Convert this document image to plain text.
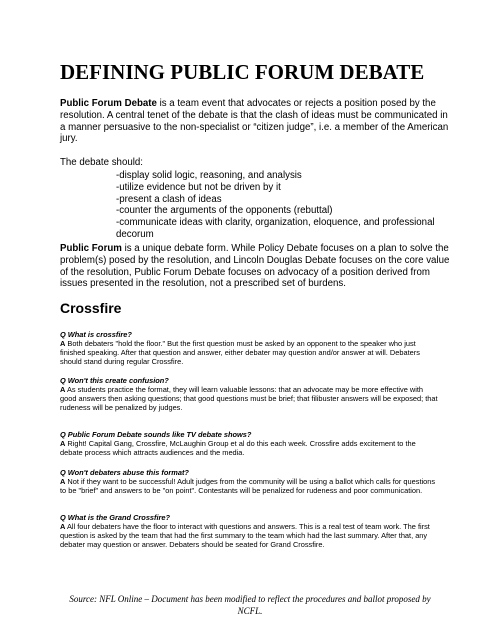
DEFINING PUBLIC FORUM DEBATE
Public Forum Debate is a team event that advocates or rejects a position posed by the resolution. A central tenet of the debate is that the clash of ideas must be communicated in a manner persuasive to the non-specialist or “citizen judge”, i.e. a member of the American jury.
The debate should:
-display solid logic, reasoning, and analysis
-utilize evidence but not be driven by it
-present a clash of ideas
-counter the arguments of the opponents (rebuttal)
-communicate ideas with clarity, organization, eloquence, and professional decorum
Public Forum is a unique debate form. While Policy Debate focuses on a plan to solve the problem(s) posed by the resolution, and Lincoln Douglas Debate focuses on the core value of the resolution, Public Forum Debate focuses on advocacy of a position derived from issues presented in the resolution, not a prescribed set of burdens.
Crossfire
Q What is crossfire?
A Both debaters "hold the floor." But the first question must be asked by an opponent to the speaker who just finished speaking. After that question and answer, either debater may question and/or answer at will. Debaters should stand during regular Crossfire.
Q Won't this create confusion?
A As students practice the format, they will learn valuable lessons: that an advocate may be more effective with good answers then asking questions; that good questions must be brief; that filibuster answers will be exposed; that rudeness will be penalized by judges.
Q Public Forum Debate sounds like TV debate shows?
A Right! Capital Gang, Crossfire, McLaughin Group et al do this each week. Crossfire adds excitement to the debate process which attracts audiences and the media.
Q Won't debaters abuse this format?
A Not if they want to be successful! Adult judges from the community will be using a ballot which calls for questions to be "brief" and answers to be "on point". Contestants will be penalized for rudeness and poor communication.
Q What is the Grand Crossfire?
A All four debaters have the floor to interact with questions and answers. This is a real test of team work. The first question is asked by the team that had the first summary to the team which had the last summary. After that, any debater may question or answer. Debaters should be seated for Grand Crossfire.
Source: NFL Online – Document has been modified to reflect the procedures and ballot proposed by NCFL.
